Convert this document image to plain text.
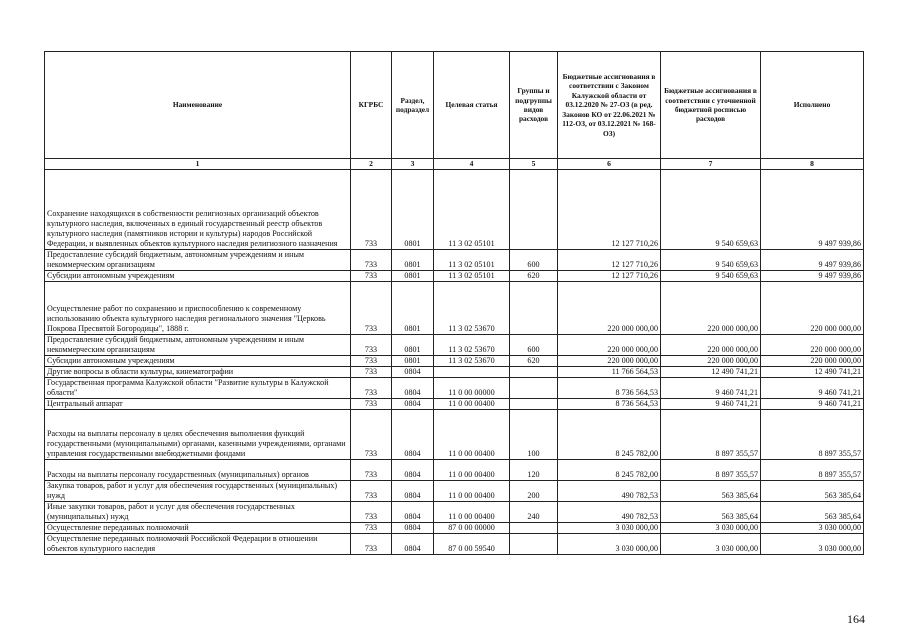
Наименование	КГРБС	Раздел, подраздел	Целевая статья	Группы и подгруппы видов расходов	Бюджетные ассигнования в соответствии с Законом Калужской области от 03.12.2020 № 27-ОЗ (в ред. Законов КО от 22.06.2021 № 112-ОЗ, от 03.12.2021 № 168-ОЗ)	Бюджетные ассигнования в соответствии с уточненной бюджетной росписью расходов	Исполнено
1	2	3	4	5	6	7	8
Сохранение находящихся в собственности религиозных организаций объектов культурного наследия, включенных в единый государственный реестр объектов культурного наследия (памятников истории и культуры) народов Российской Федерации, и выявленных объектов культурного наследия религиозного назначения	733	0801	11 3 02 05101		12 127 710,26	9 540 659,63	9 497 939,86
Предоставление субсидий бюджетным, автономным учреждениям и иным некоммерческим организациям	733	0801	11 3 02 05101	600	12 127 710,26	9 540 659,63	9 497 939,86
Субсидии автономным учреждениям	733	0801	11 3 02 05101	620	12 127 710,26	9 540 659,63	9 497 939,86
Осуществление работ по сохранению и приспособлению к современному использованию объекта культурного наследия регионального значения "Церковь Покрова Пресвятой Богородицы", 1888 г.	733	0801	11 3 02 53670		220 000 000,00	220 000 000,00	220 000 000,00
Предоставление субсидий бюджетным, автономным учреждениям и иным некоммерческим организациям	733	0801	11 3 02 53670	600	220 000 000,00	220 000 000,00	220 000 000,00
Субсидии автономным учреждениям	733	0801	11 3 02 53670	620	220 000 000,00	220 000 000,00	220 000 000,00
Другие вопросы в области культуры, кинематографии	733	0804			11 766 564,53	12 490 741,21	12 490 741,21
Государственная программа Калужской области "Развитие культуры в Калужской области"	733	0804	11 0 00 00000		8 736 564,53	9 460 741,21	9 460 741,21
Центральный аппарат	733	0804	11 0 00 00400		8 736 564,53	9 460 741,21	9 460 741,21
Расходы на выплаты персоналу в целях обеспечения выполнения функций государственными (муниципальными) органами, казенными учреждениями, органами управления государственными внебюджетными фондами	733	0804	11 0 00 00400	100	8 245 782,00	8 897 355,57	8 897 355,57
Расходы на выплаты персоналу государственных (муниципальных) органов	733	0804	11 0 00 00400	120	8 245 782,00	8 897 355,57	8 897 355,57
Закупка товаров, работ и услуг для обеспечения государственных (муниципальных) нужд	733	0804	11 0 00 00400	200	490 782,53	563 385,64	563 385,64
Иные закупки товаров, работ и услуг для обеспечения государственных (муниципальных) нужд	733	0804	11 0 00 00400	240	490 782,53	563 385,64	563 385,64
Осуществление переданных полномочий	733	0804	87 0 00 00000		3 030 000,00	3 030 000,00	3 030 000,00
Осуществление переданных полномочий Российской Федерации в отношении объектов культурного наследия	733	0804	87 0 00 59540		3 030 000,00	3 030 000,00	3 030 000,00
164
